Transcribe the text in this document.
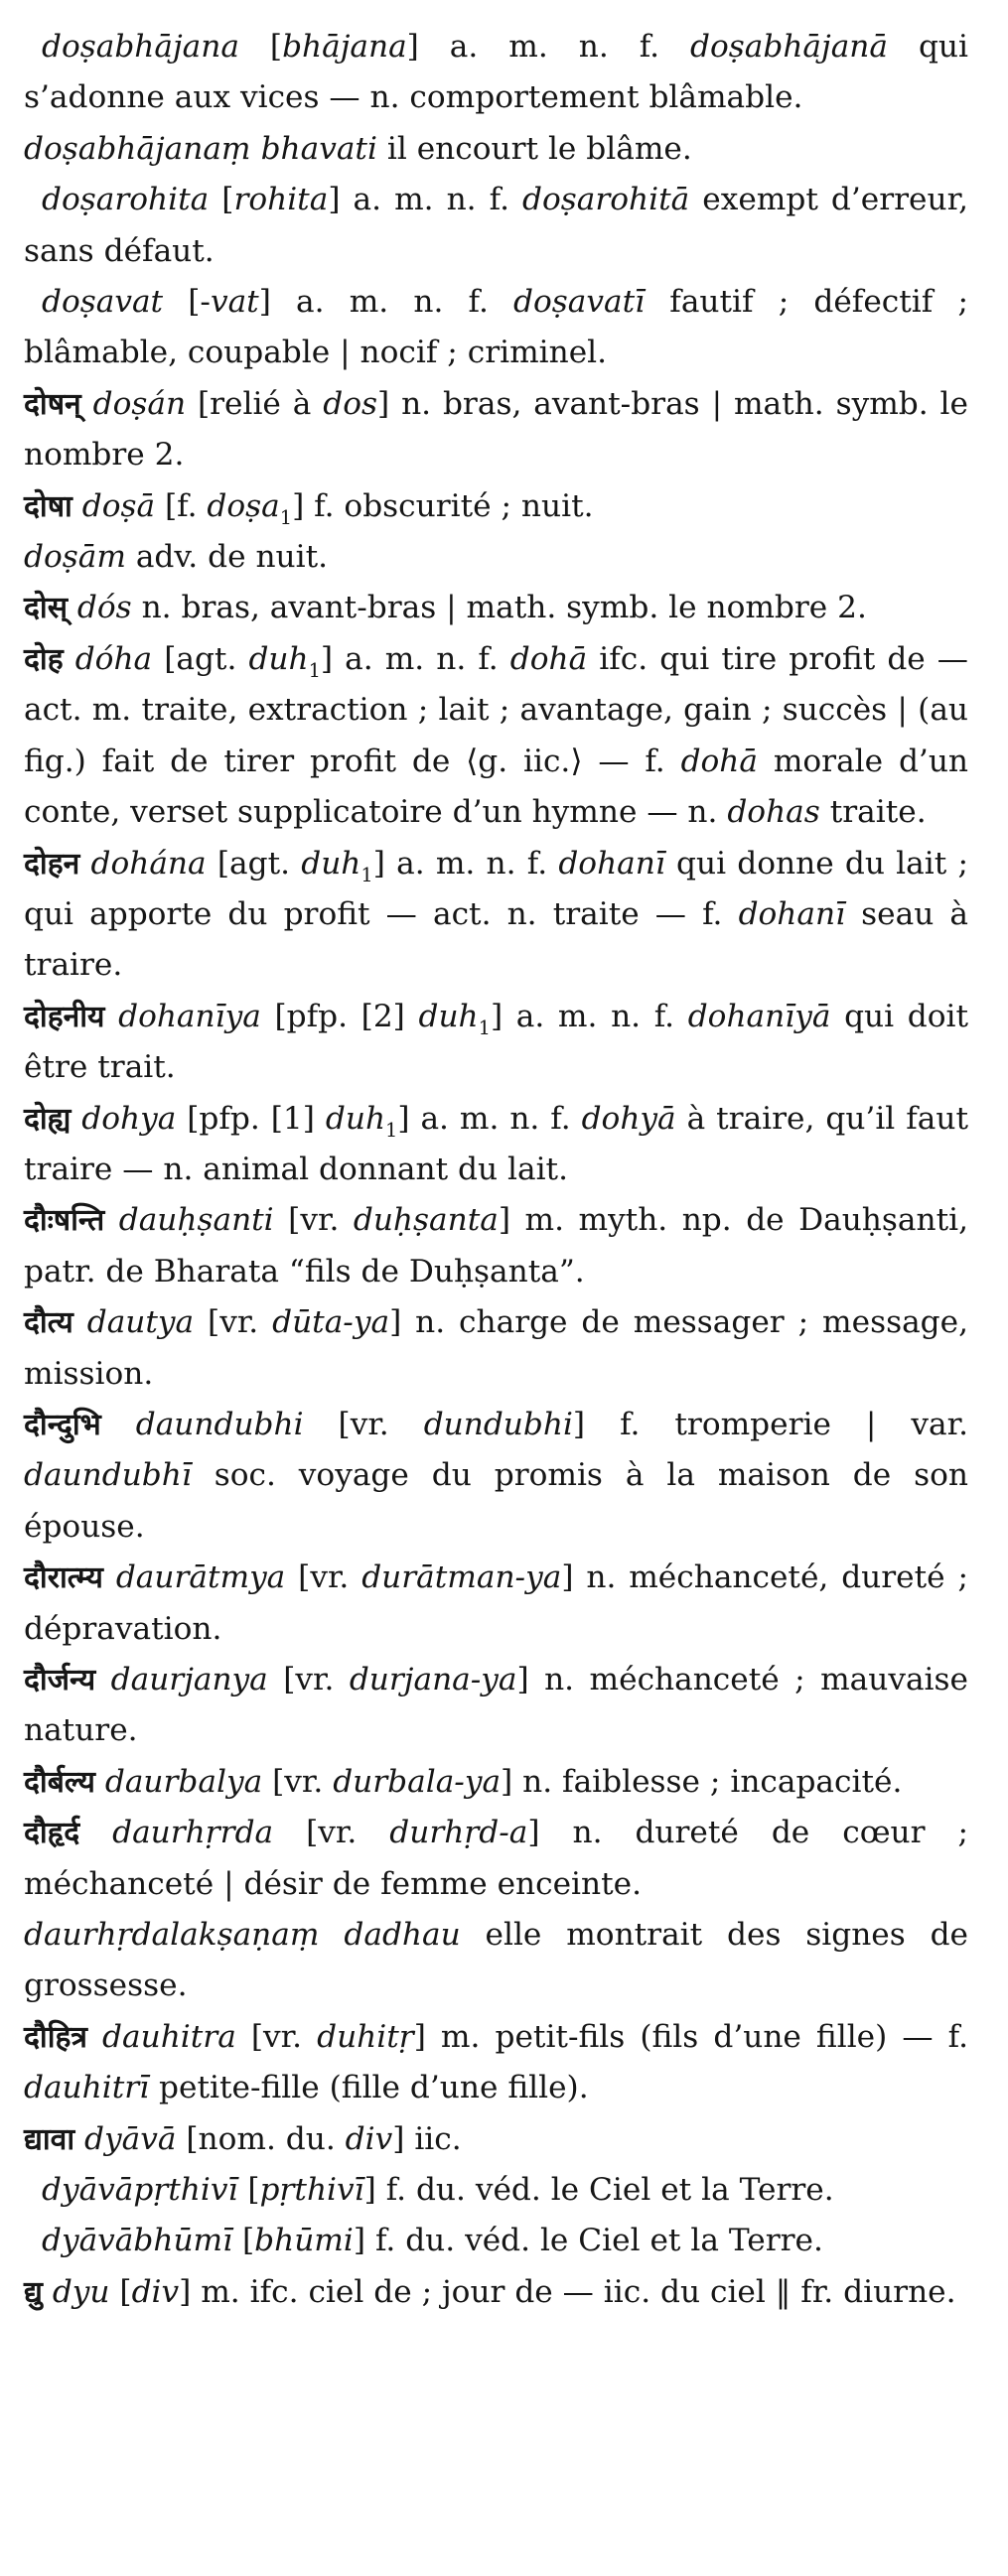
doṣabhājana [bhājana] a. m. n. f. doṣabhājanā qui s’adonne aux vices — n. comportement blâmable.

doṣabhājanaṃ bhavati il encourt le blâme.

doṣarohita [rohita] a. m. n. f. doṣarohitā exempt d’erreur, sans défaut.

doṣavat [-vat] a. m. n. f. doṣavatī fautif ; défectif ; blâmable, coupable | nocif ; criminel.

दोषन् doṣán [relié à dos] n. bras, avant-bras | math. symb. le nombre 2.

दोषा doṣā [f. doṣa$_1$] f. obscurité ; nuit.

doṣām adv. de nuit.

दोस् dós n. bras, avant-bras | math. symb. le nombre 2.

दोह dóha [agt. duh$_1$] a. m. n. f. dohā ifc. qui tire profit de — act. m. traite, extraction ; lait ; avantage, gain ; succès | (au fig.) fait de tirer profit de ⟨g. iic.⟩ — f. dohā morale d’un conte, verset supplicatoire d’un hymne — n. dohas traite.

दोहन dohána [agt. duh$_1$] a. m. n. f. dohanī qui donne du lait ; qui apporte du profit — act. n. traite — f. dohanī seau à traire.

दोहनीय dohanīya [pfp. [2] duh$_1$] a. m. n. f. dohanīyā qui doit être trait.

दोह्य dohya [pfp. [1] duh$_1$] a. m. n. f. dohyā à traire, qu’il faut traire — n. animal donnant du lait.

दौःषन्ति dauḥṣanti [vr. duḥṣanta] m. myth. np. de Dauḥṣanti, patr. de Bharata “fils de Duḥṣanta”.

दौत्य dautya [vr. dūta-ya] n. charge de messager ; message, mission.

दौन्दुभि daundubhi [vr. dundubhi] f. tromperie | var. daundubhī soc. voyage du promis à la maison de son épouse.

दौरात्म्य daurātmya [vr. durātman-ya] n. méchanceté, dureté ; dépravation.

दौर्जन्य daurjanya [vr. durjana-ya] n. méchanceté ; mauvaise nature.

दौर्बल्य daurbalya [vr. durbala-ya] n. faiblesse ; incapacité.

दौहृर्द daurhṛrda [vr. durhṛd-a] n. dureté de cœur ; méchanceté | désir de femme enceinte.

daurhṛdalakṣaṇaṃ dadhau elle montrait des signes de grossesse.

दौहित्र dauhitra [vr. duhitṛ] m. petit-fils (fils d’une fille) — f. dauhitrī petite-fille (fille d’une fille).

द्यावा dyāvā [nom. du. div] iic.

dyāvāpṛthivī [pṛthivī] f. du. véd. le Ciel et la Terre.

dyāvābhūmī [bhūmi] f. du. véd. le Ciel et la Terre.

द्यु dyu [div] m. ifc. ciel de ; jour de — iic. du ciel ‖ fr. diurne.
